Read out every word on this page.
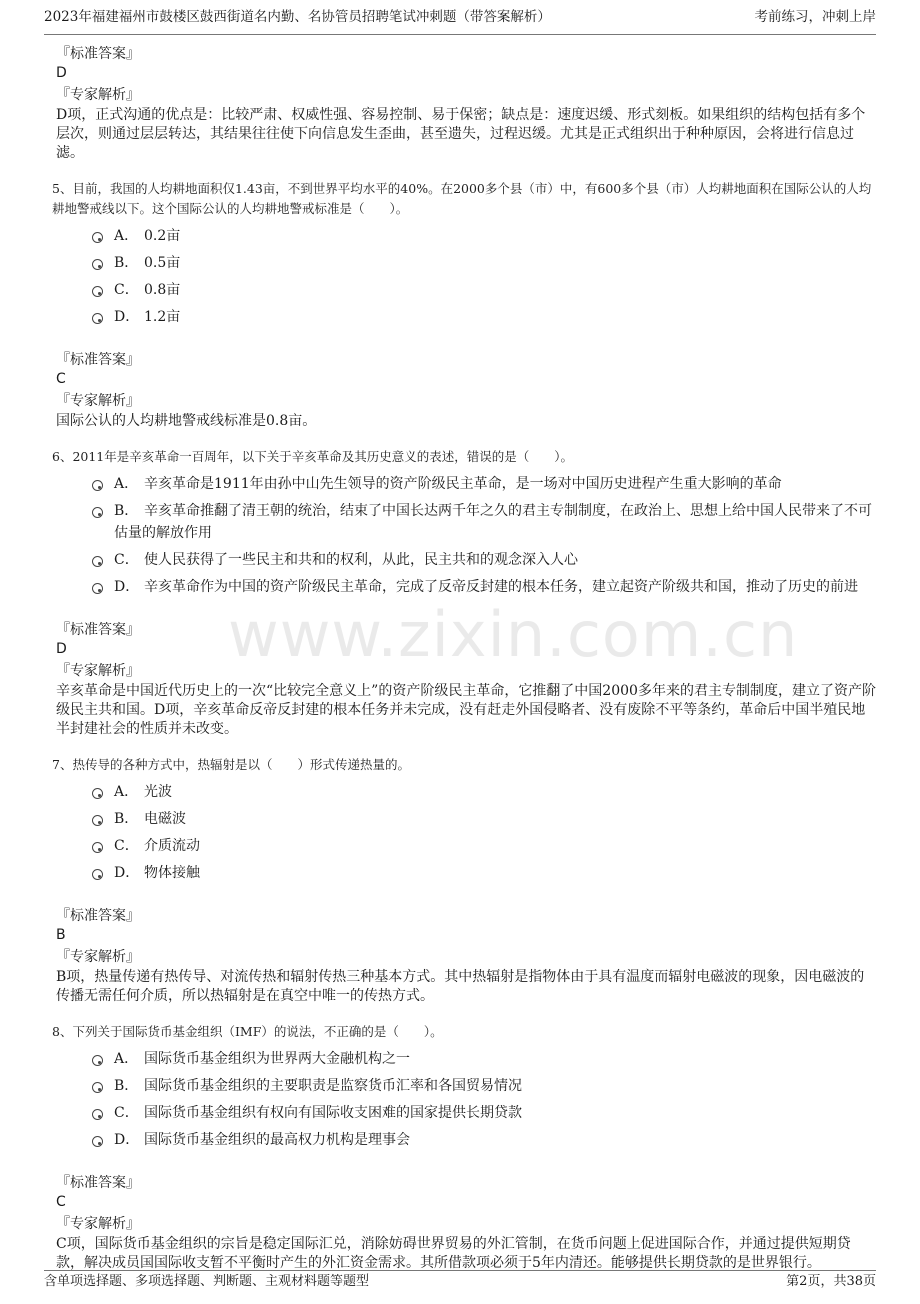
2023年福建福州市鼓楼区鼓西街道名内勤、名协管员招聘笔试冲刺题（带答案解析）	考前练习，冲刺上岸
www.zixin.com.cn
『标准答案』
D
『专家解析』
D项，正式沟通的优点是：比较严肃、权威性强、容易控制、易于保密；缺点是：速度迟缓、形式刻板。如果组织的结构包括有多个层次，则通过层层转达，其结果往往使下向信息发生歪曲，甚至遗失，过程迟缓。尤其是正式组织出于种种原因，会将进行信息过滤。
5、目前，我国的人均耕地面积仅1.43亩，不到世界平均水平的40%。在2000多个县（市）中，有600多个县（市）人均耕地面积在国际公认的人均耕地警戒线以下。这个国际公认的人均耕地警戒标准是（　　）。
A． 0.2亩
B． 0.5亩
C． 0.8亩
D． 1.2亩
『标准答案』
C
『专家解析』
国际公认的人均耕地警戒线标准是0.8亩。
6、2011年是辛亥革命一百周年，以下关于辛亥革命及其历史意义的表述，错误的是（　　）。
A． 辛亥革命是1911年由孙中山先生领导的资产阶级民主革命，是一场对中国历史进程产生重大影响的革命
B． 辛亥革命推翻了清王朝的统治，结束了中国长达两千年之久的君主专制制度，在政治上、思想上给中国人民带来了不可估量的解放作用
C． 使人民获得了一些民主和共和的权利，从此，民主共和的观念深入人心
D． 辛亥革命作为中国的资产阶级民主革命，完成了反帝反封建的根本任务，建立起资产阶级共和国，推动了历史的前进
『标准答案』
D
『专家解析』
辛亥革命是中国近代历史上的一次“比较完全意义上”的资产阶级民主革命，它推翻了中国2000多年来的君主专制制度，建立了资产阶级民主共和国。D项，辛亥革命反帝反封建的根本任务并未完成，没有赶走外国侵略者、没有废除不平等条约，革命后中国半殖民地半封建社会的性质并未改变。
7、热传导的各种方式中，热辐射是以（　　）形式传递热量的。
A． 光波
B． 电磁波
C． 介质流动
D． 物体接触
『标准答案』
B
『专家解析』
B项，热量传递有热传导、对流传热和辐射传热三种基本方式。其中热辐射是指物体由于具有温度而辐射电磁波的现象，因电磁波的传播无需任何介质，所以热辐射是在真空中唯一的传热方式。
8、下列关于国际货币基金组织（IMF）的说法，不正确的是（　　）。
A． 国际货币基金组织为世界两大金融机构之一
B． 国际货币基金组织的主要职责是监察货币汇率和各国贸易情况
C． 国际货币基金组织有权向有国际收支困难的国家提供长期贷款
D． 国际货币基金组织的最高权力机构是理事会
『标准答案』
C
『专家解析』
C项，国际货币基金组织的宗旨是稳定国际汇兑，消除妨碍世界贸易的外汇管制，在货币问题上促进国际合作，并通过提供短期贷款，解决成员国国际收支暂不平衡时产生的外汇资金需求。其所借款项必须于5年内清还。能够提供长期贷款的是世界银行。
含单项选择题、多项选择题、判断题、主观材料题等题型	第2页，共38页
